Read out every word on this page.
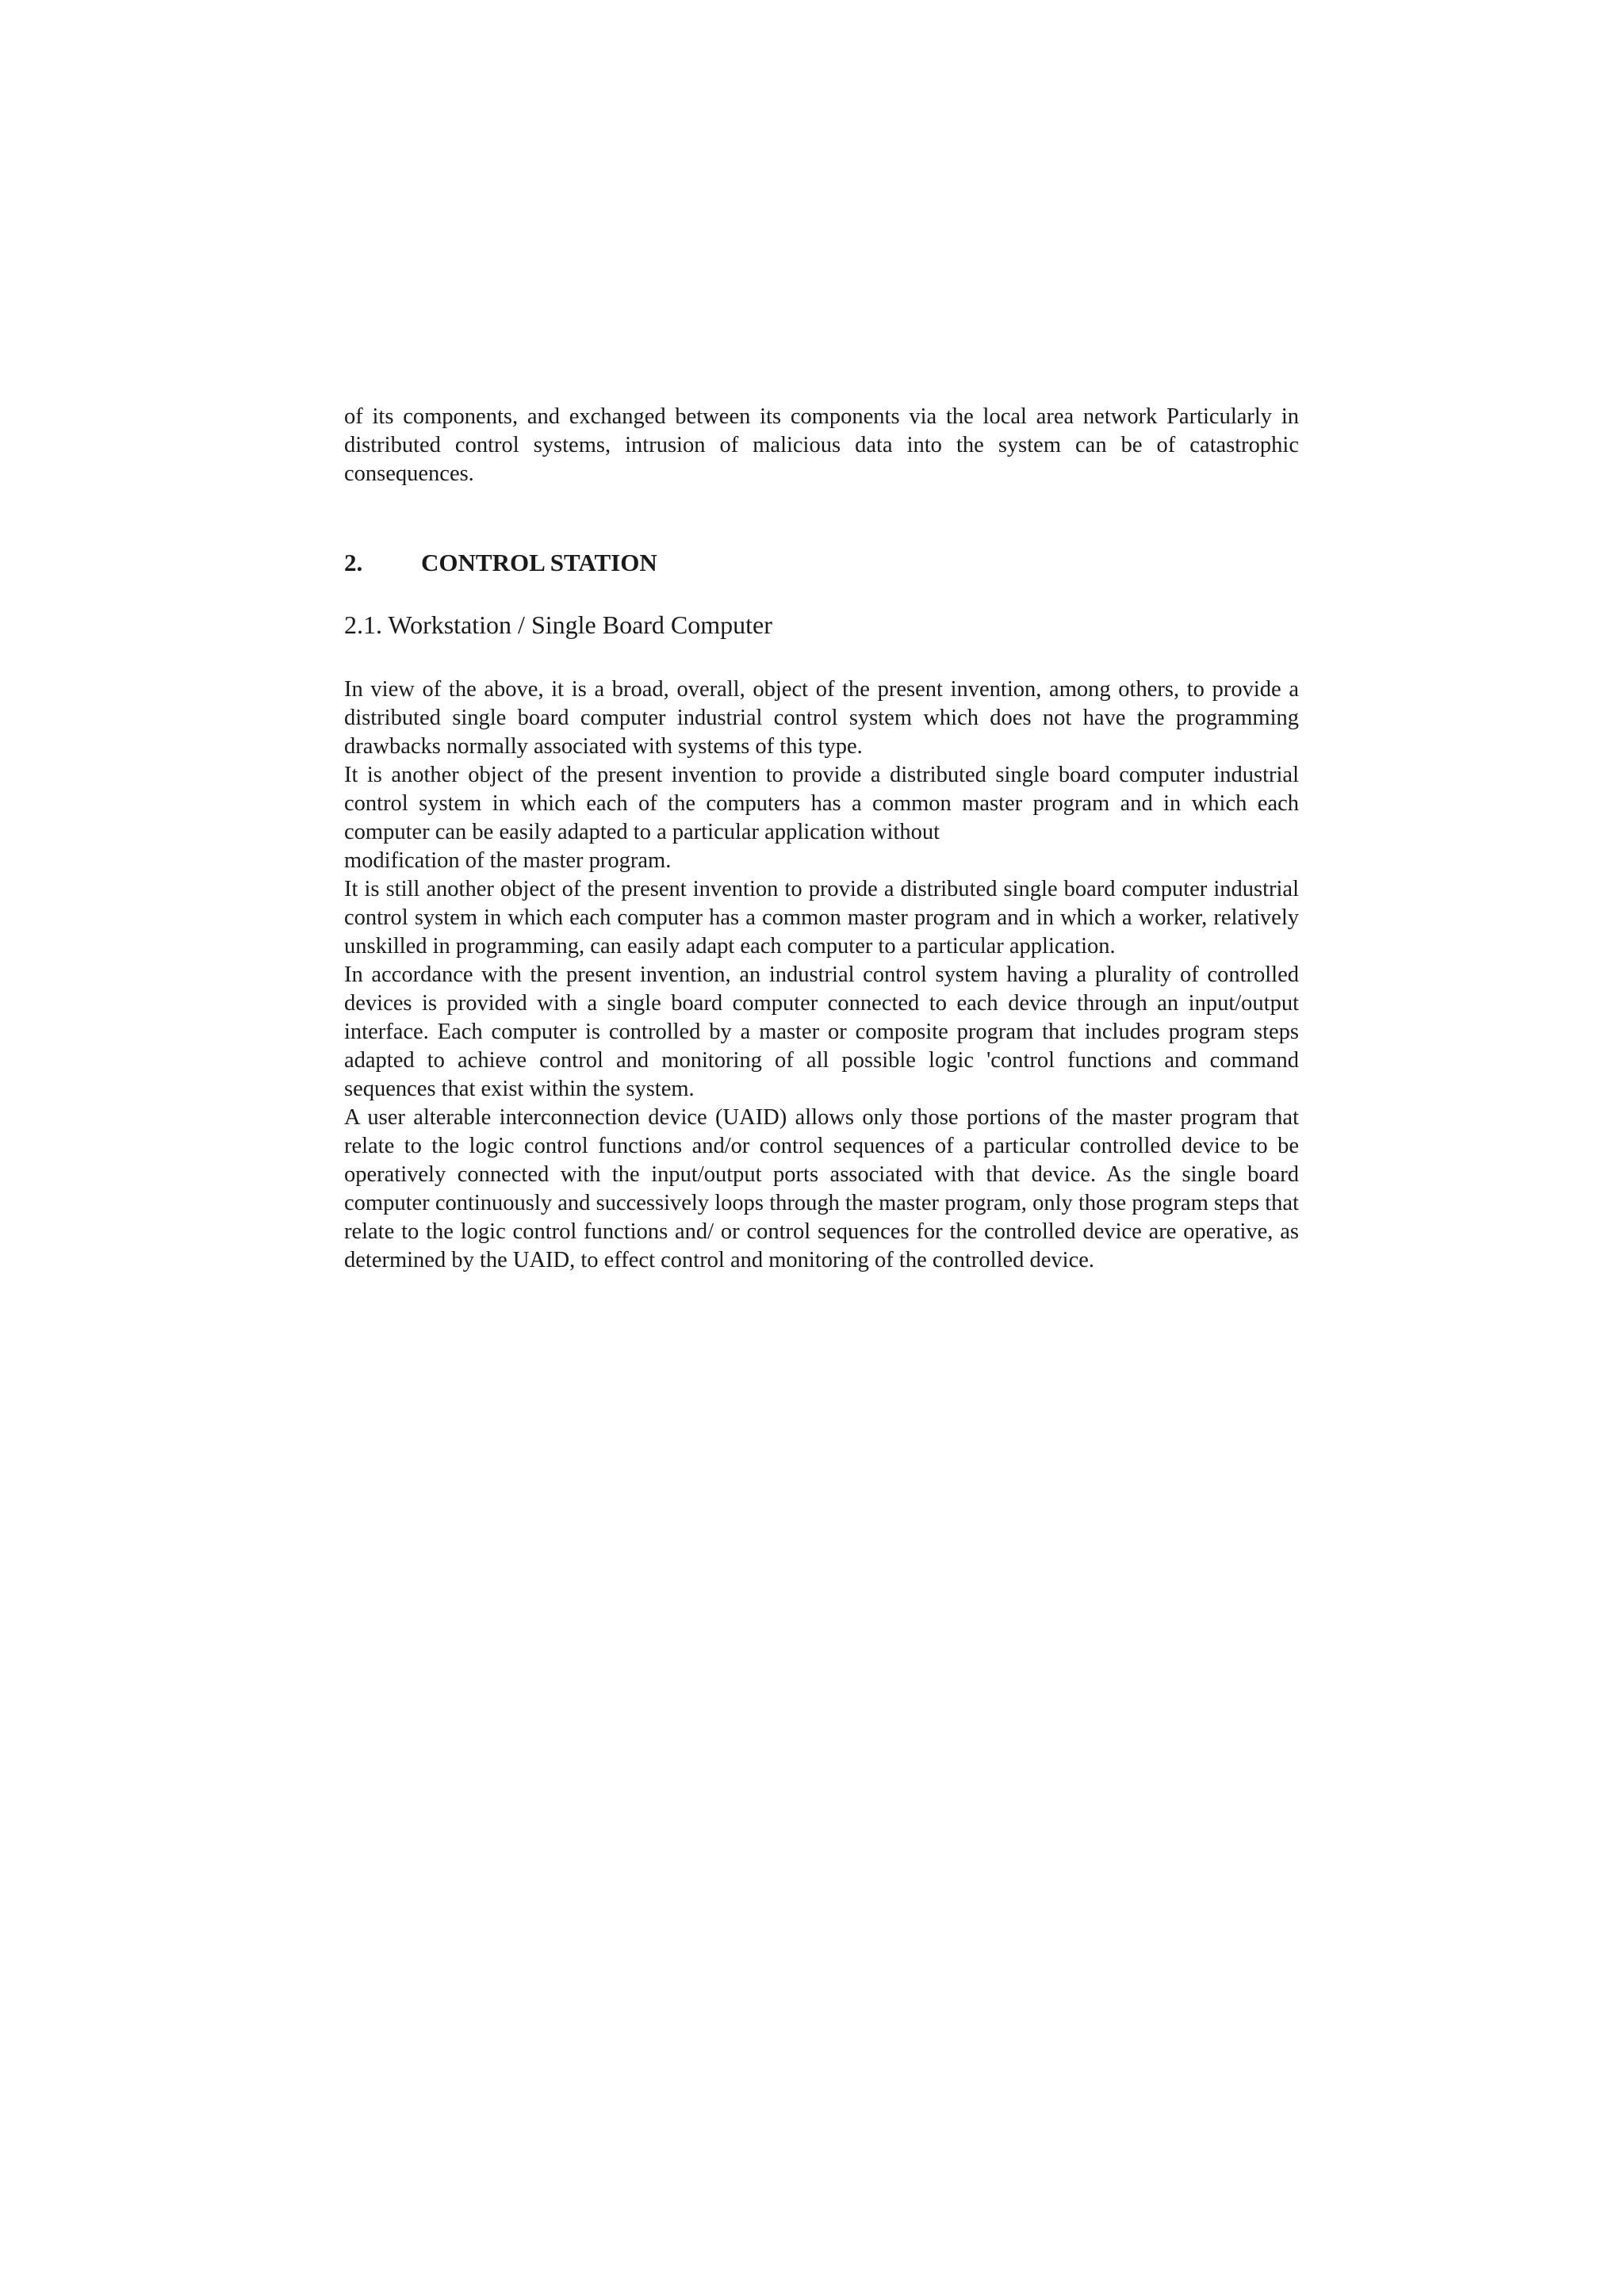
of its components, and exchanged between its components via the local area network Particularly in distributed control systems, intrusion of malicious data into the system can be of catastrophic consequences.

2.	CONTROL STATION
2.1. Workstation / Single Board Computer

In view of the above, it is a broad, overall, object of the present invention, among others, to provide a distributed single board computer industrial control system which does not have the programming drawbacks normally associated with systems of this type.

It is another object of the present invention to provide a distributed single board computer industrial control system in which each of the computers has a common master program and in which each computer can be easily adapted to a particular application without

modification of the master program.

It is still another object of the present invention to provide a distributed single board computer industrial control system in which each computer has a common master program and in which a worker, relatively unskilled in programming, can easily adapt each computer to a particular application.

In accordance with the present invention, an industrial control system having a plurality of controlled devices is provided with a single board computer connected to each device through an input/output interface. Each computer is controlled by a master or composite program that includes program steps adapted to achieve control and monitoring of all possible logic 'control functions and command sequences that exist within the system.

A user alterable interconnection device (UAID) allows only those portions of the master program that relate to the logic control functions and/or control sequences of a particular controlled device to be operatively connected with the input/output ports associated with that device. As the single board computer continuously and successively loops through the master program, only those program steps that relate to the logic control functions and/ or control sequences for the controlled device are operative, as determined by the UAID, to effect control and monitoring of the controlled device.
